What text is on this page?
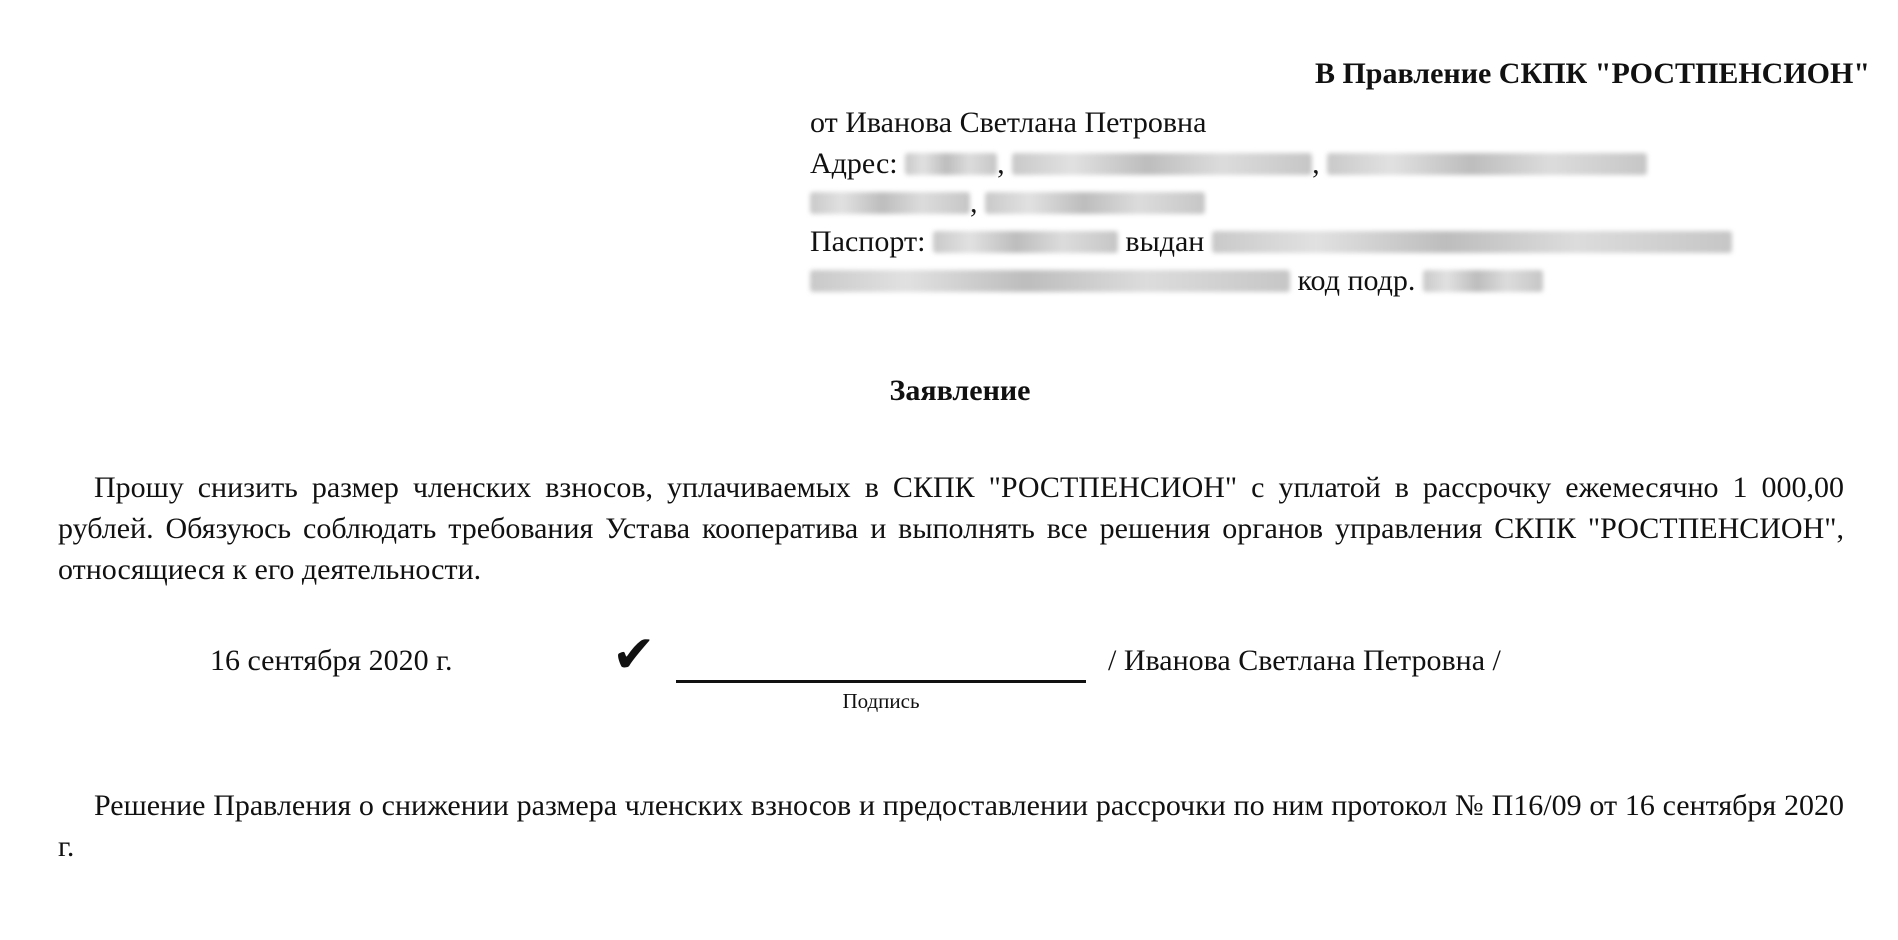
В Правление СКПК "РОСТПЕНСИОН"
от Иванова Светлана Петровна
Адрес:	,	,
,
Паспорт:	выдан
код подр.
Заявление

Прошу снизить размер членских взносов, уплачиваемых в СКПК "РОСТПЕНСИОН" с уплатой в рассрочку ежемесячно 1 000,00 рублей. Обязуюсь соблюдать требования Устава кооператива и выполнять все решения органов управления СКПК "РОСТПЕНСИОН", относящиеся к его деятельности.

16 сентября 2020 г.	✔
Подпись
/ Иванова Светлана Петровна /

Решение Правления о снижении размера членских взносов и предоставлении рассрочки по ним протокол № П16/09 от 16 сентября 2020 г.
